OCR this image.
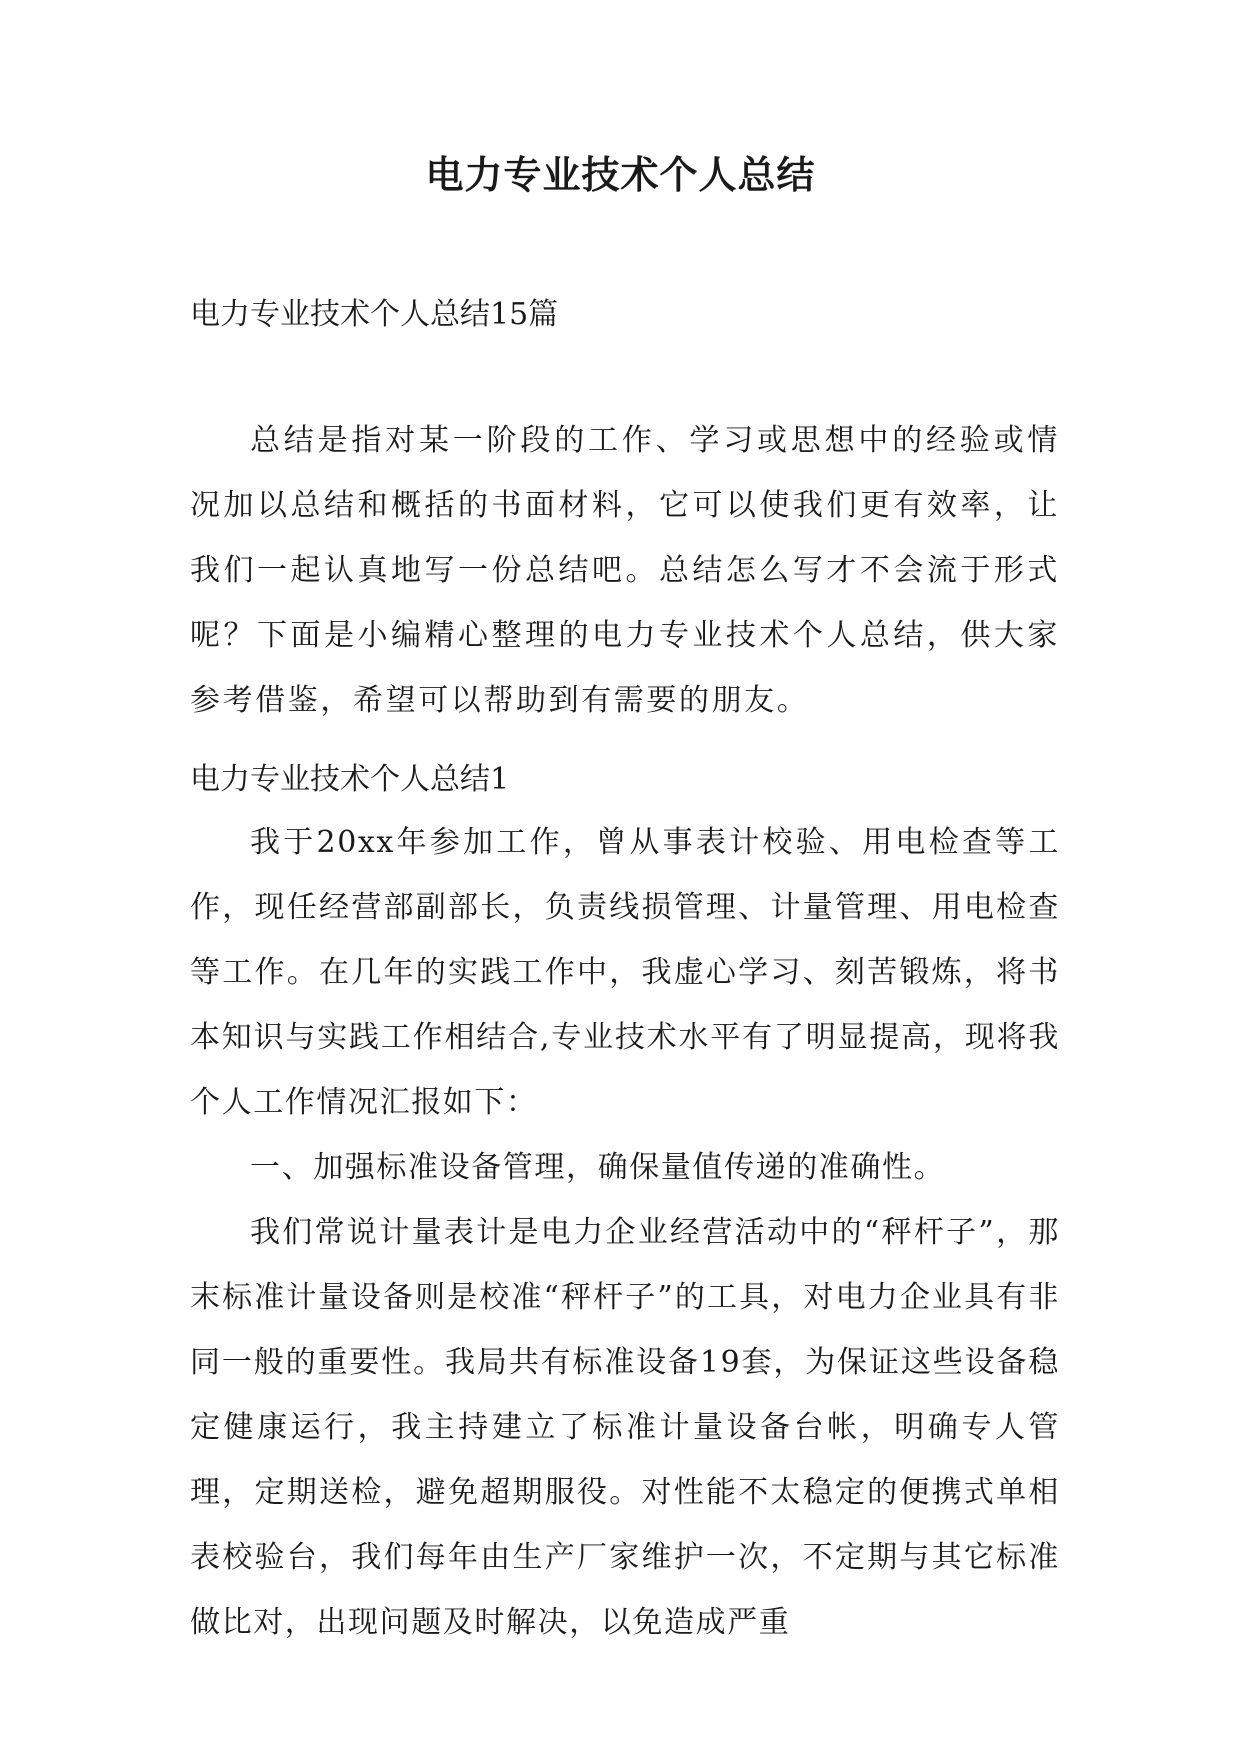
电力专业技术个人总结

电力专业技术个人总结15篇

总结是指对某一阶段的工作、学习或思想中的经验或情况加以总结和概括的书面材料，它可以使我们更有效率，让我们一起认真地写一份总结吧。总结怎么写才不会流于形式呢？下面是小编精心整理的电力专业技术个人总结，供大家参考借鉴，希望可以帮助到有需要的朋友。

电力专业技术个人总结1

我于20xx年参加工作，曾从事表计校验、用电检查等工作，现任经营部副部长，负责线损管理、计量管理、用电检查等工作。在几年的实践工作中，我虚心学习、刻苦锻炼，将书本知识与实践工作相结合,专业技术水平有了明显提高，现将我个人工作情况汇报如下：

一、加强标准设备管理，确保量值传递的准确性。

我们常说计量表计是电力企业经营活动中的“秤杆子”，那末标准计量设备则是校准“秤杆子”的工具，对电力企业具有非同一般的重要性。我局共有标准设备19套，为保证这些设备稳定健康运行，我主持建立了标准计量设备台帐，明确专人管理，定期送检，避免超期服役。对性能不太稳定的便携式单相表校验台，我们每年由生产厂家维护一次，不定期与其它标准做比对，出现问题及时解决，以免造成严重
